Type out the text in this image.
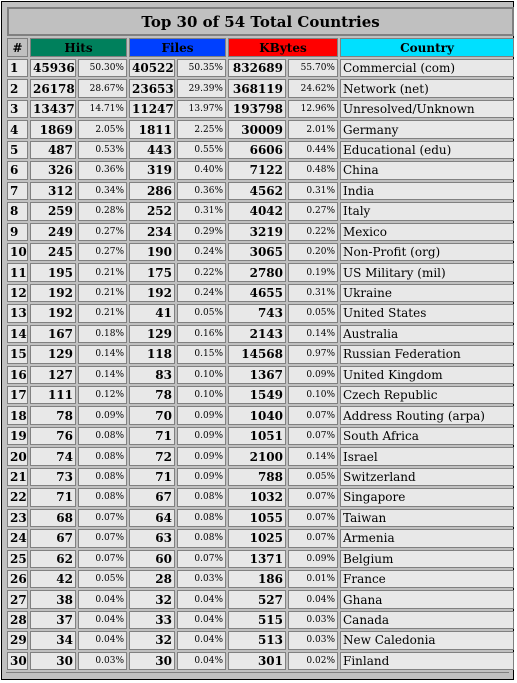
Top 30 of 54 Total Countries							
#	Hits		Files		KBytes		Country
1	45936	50.30%	40522	50.35%	832689	55.70%	Commercial (com)
2	26178	28.67%	23653	29.39%	368119	24.62%	Network (net)
3	13437	14.71%	11247	13.97%	193798	12.96%	Unresolved/Unknown
4	1869	2.05%	1811	2.25%	30009	2.01%	Germany
5	487	0.53%	443	0.55%	6606	0.44%	Educational (edu)
6	326	0.36%	319	0.40%	7122	0.48%	China
7	312	0.34%	286	0.36%	4562	0.31%	India
8	259	0.28%	252	0.31%	4042	0.27%	Italy
9	249	0.27%	234	0.29%	3219	0.22%	Mexico
10	245	0.27%	190	0.24%	3065	0.20%	Non-Profit (org)
11	195	0.21%	175	0.22%	2780	0.19%	US Military (mil)
12	192	0.21%	192	0.24%	4655	0.31%	Ukraine
13	192	0.21%	41	0.05%	743	0.05%	United States
14	167	0.18%	129	0.16%	2143	0.14%	Australia
15	129	0.14%	118	0.15%	14568	0.97%	Russian Federation
16	127	0.14%	83	0.10%	1367	0.09%	United Kingdom
17	111	0.12%	78	0.10%	1549	0.10%	Czech Republic
18	78	0.09%	70	0.09%	1040	0.07%	Address Routing (arpa)
19	76	0.08%	71	0.09%	1051	0.07%	South Africa
20	74	0.08%	72	0.09%	2100	0.14%	Israel
21	73	0.08%	71	0.09%	788	0.05%	Switzerland
22	71	0.08%	67	0.08%	1032	0.07%	Singapore
23	68	0.07%	64	0.08%	1055	0.07%	Taiwan
24	67	0.07%	63	0.08%	1025	0.07%	Armenia
25	62	0.07%	60	0.07%	1371	0.09%	Belgium
26	42	0.05%	28	0.03%	186	0.01%	France
27	38	0.04%	32	0.04%	527	0.04%	Ghana
28	37	0.04%	33	0.04%	515	0.03%	Canada
29	34	0.04%	32	0.04%	513	0.03%	New Caledonia
30	30	0.03%	30	0.04%	301	0.02%	Finland
